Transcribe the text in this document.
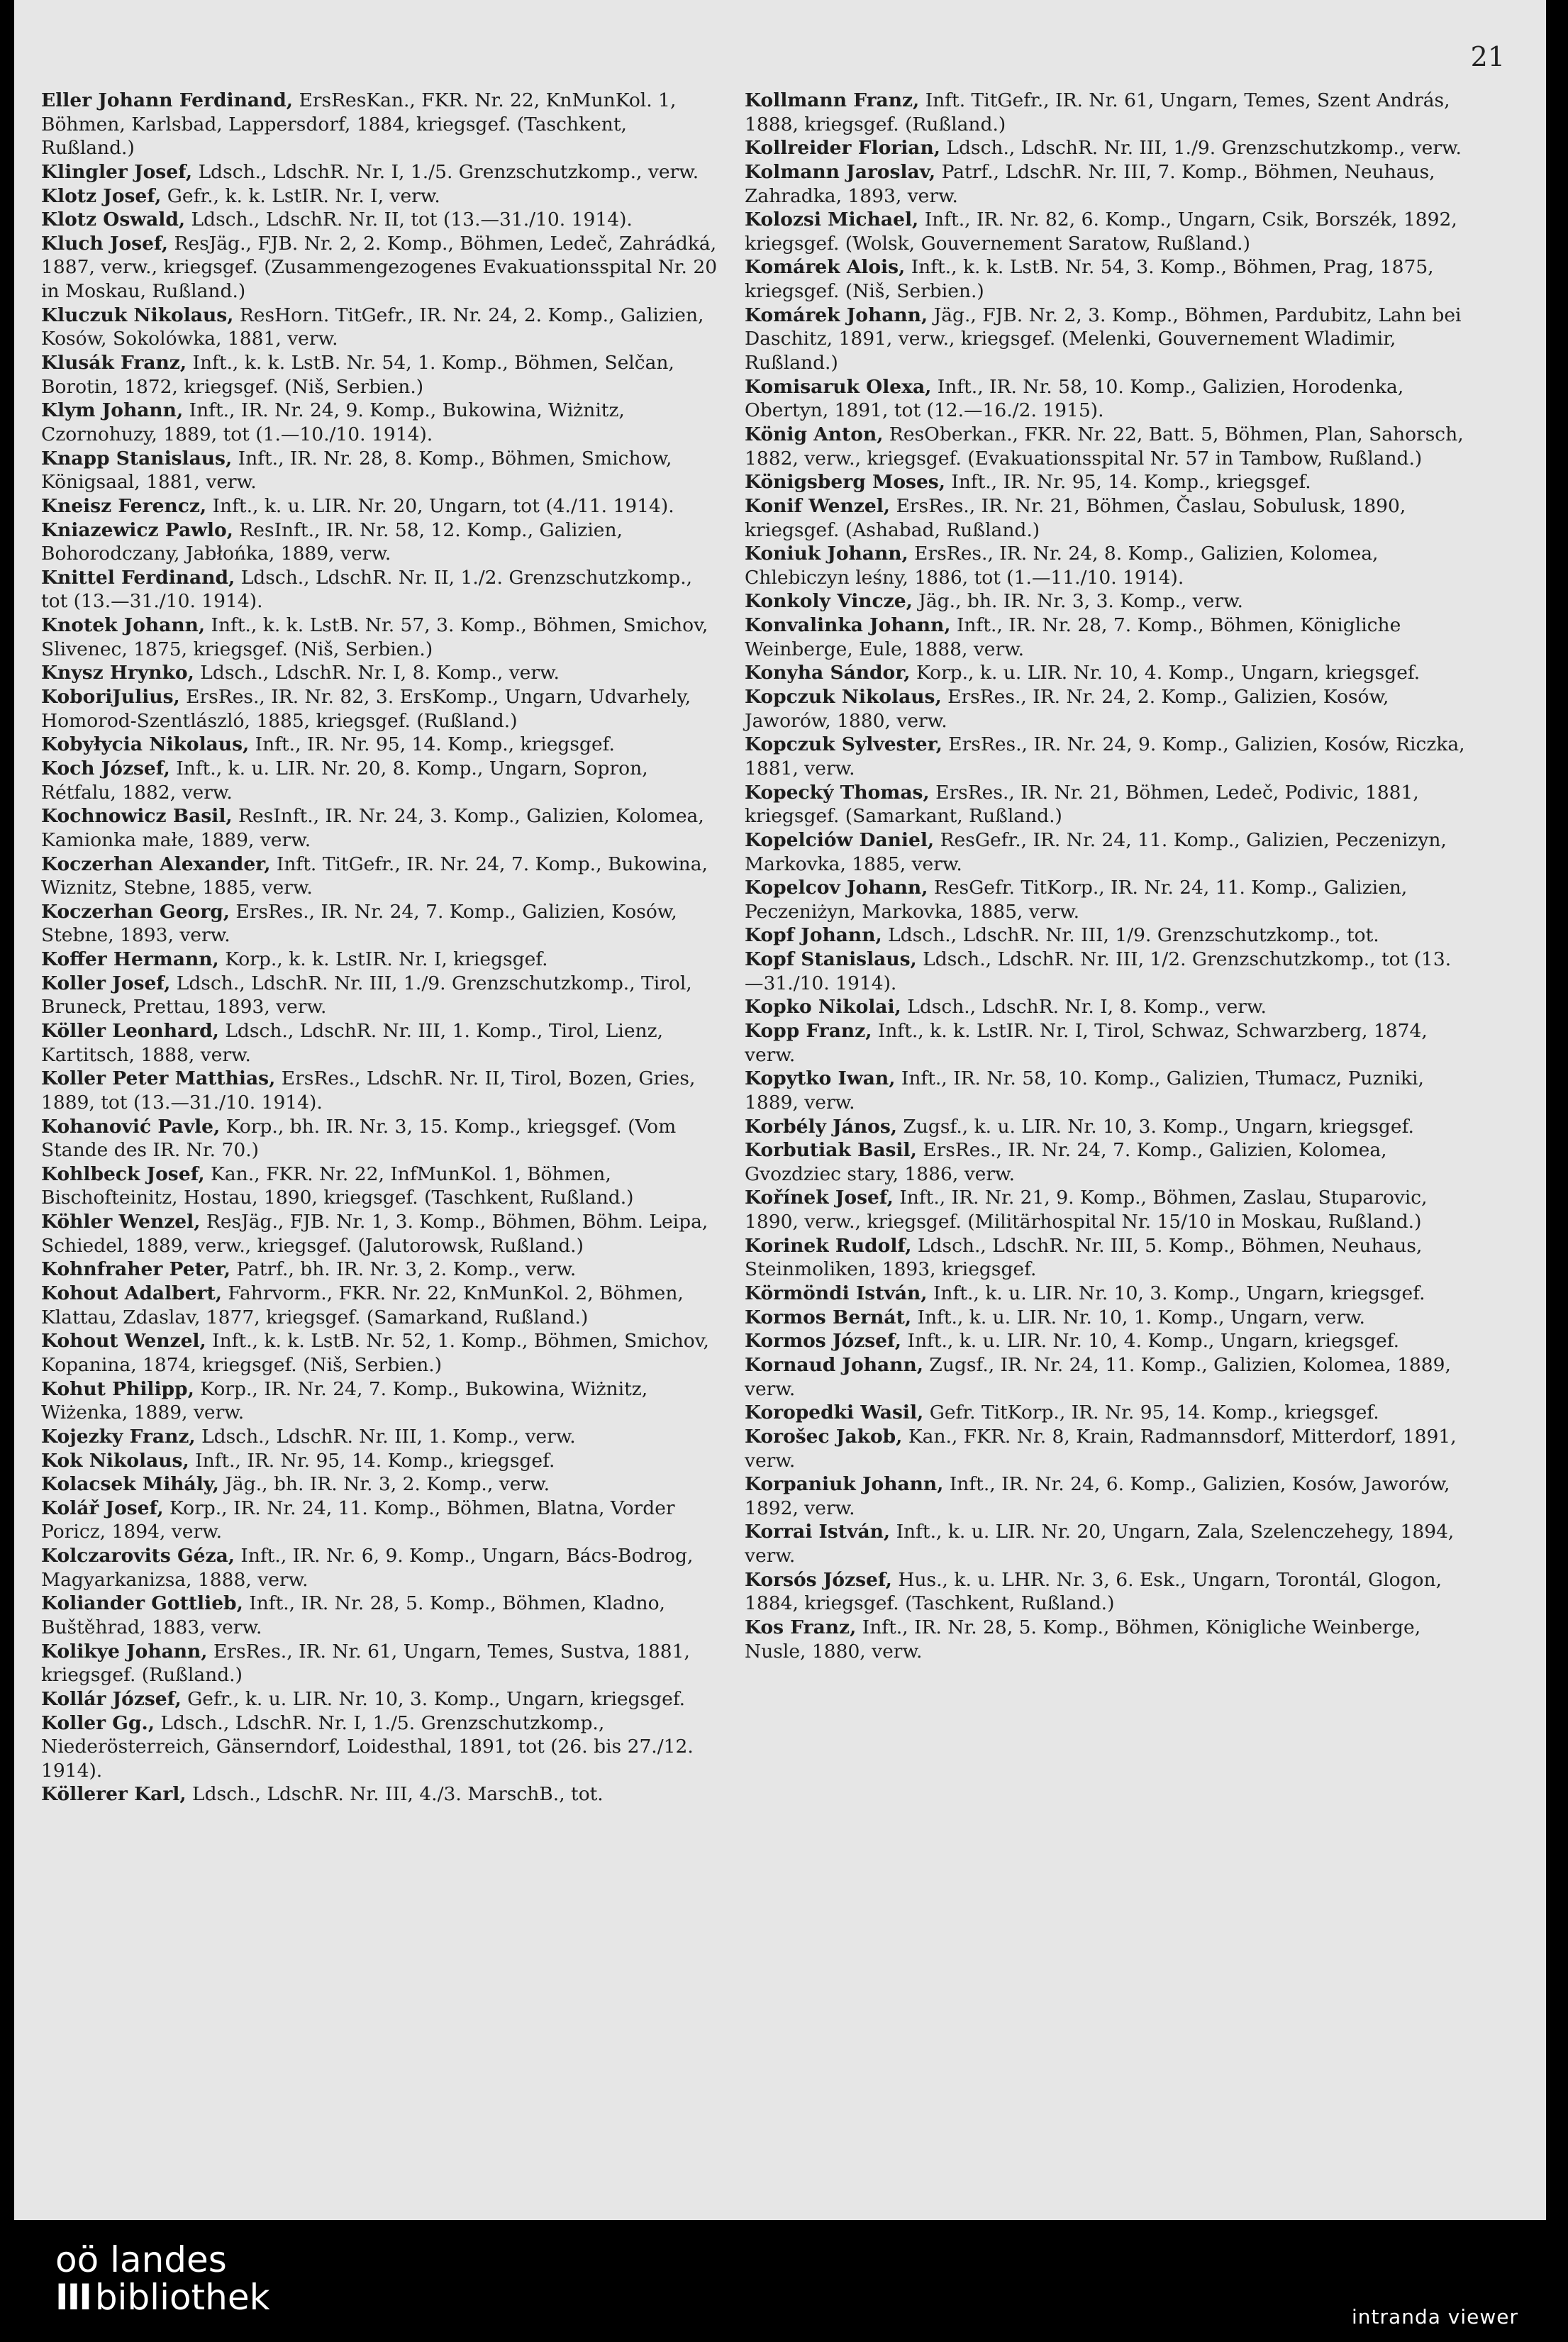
21

Eller Johann Ferdinand, ErsResKan., FKR. Nr. 22, KnMunKol. 1, Böhmen, Karlsbad, Lappersdorf, 1884, kriegsgef. (Taschkent, Rußland.)

Klingler Josef, Ldsch., LdschR. Nr. I, 1./5. Grenzschutzkomp., verw.

Klotz Josef, Gefr., k. k. LstIR. Nr. I, verw.

Klotz Oswald, Ldsch., LdschR. Nr. II, tot (13.—31./10. 1914).

Kluch Josef, ResJäg., FJB. Nr. 2, 2. Komp., Böhmen, Ledeč, Zahrádká, 1887, verw., kriegsgef. (Zusammengezogenes Evakuationsspital Nr. 20 in Moskau, Rußland.)

Kluczuk Nikolaus, ResHorn. TitGefr., IR. Nr. 24, 2. Komp., Galizien, Kosów, Sokolówka, 1881, verw.

Klusák Franz, Inft., k. k. LstB. Nr. 54, 1. Komp., Böhmen, Selčan, Borotin, 1872, kriegsgef. (Niš, Serbien.)

Klym Johann, Inft., IR. Nr. 24, 9. Komp., Bukowina, Wiżnitz, Czornohuzy, 1889, tot (1.—10./10. 1914).

Knapp Stanislaus, Inft., IR. Nr. 28, 8. Komp., Böhmen, Smichow, Königsaal, 1881, verw.

Kneisz Ferencz, Inft., k. u. LIR. Nr. 20, Ungarn, tot (4./11. 1914).

Kniazewicz Pawlo, ResInft., IR. Nr. 58, 12. Komp., Galizien, Bohorodczany, Jabłońka, 1889, verw.

Knittel Ferdinand, Ldsch., LdschR. Nr. II, 1./2. Grenzschutzkomp., tot (13.—31./10. 1914).

Knotek Johann, Inft., k. k. LstB. Nr. 57, 3. Komp., Böhmen, Smichov, Slivenec, 1875, kriegsgef. (Niš, Serbien.)

Knysz Hrynko, Ldsch., LdschR. Nr. I, 8. Komp., verw.

KoboriJulius, ErsRes., IR. Nr. 82, 3. ErsKomp., Ungarn, Udvarhely, Homorod-Szentlászló, 1885, kriegsgef. (Rußland.)

Kobyłycia Nikolaus, Inft., IR. Nr. 95, 14. Komp., kriegsgef.

Koch József, Inft., k. u. LIR. Nr. 20, 8. Komp., Ungarn, Sopron, Rétfalu, 1882, verw.

Kochnowicz Basil, ResInft., IR. Nr. 24, 3. Komp., Galizien, Kolomea, Kamionka małe, 1889, verw.

Koczerhan Alexander, Inft. TitGefr., IR. Nr. 24, 7. Komp., Bukowina, Wiznitz, Stebne, 1885, verw.

Koczerhan Georg, ErsRes., IR. Nr. 24, 7. Komp., Galizien, Kosów, Stebne, 1893, verw.

Koffer Hermann, Korp., k. k. LstIR. Nr. I, kriegsgef.

Koller Josef, Ldsch., LdschR. Nr. III, 1./9. Grenzschutzkomp., Tirol, Bruneck, Prettau, 1893, verw.

Köller Leonhard, Ldsch., LdschR. Nr. III, 1. Komp., Tirol, Lienz, Kartitsch, 1888, verw.

Koller Peter Matthias, ErsRes., LdschR. Nr. II, Tirol, Bozen, Gries, 1889, tot (13.—31./10. 1914).

Kohanović Pavle, Korp., bh. IR. Nr. 3, 15. Komp., kriegsgef. (Vom Stande des IR. Nr. 70.)

Kohlbeck Josef, Kan., FKR. Nr. 22, InfMunKol. 1, Böhmen, Bischofteinitz, Hostau, 1890, kriegsgef. (Taschkent, Rußland.)

Köhler Wenzel, ResJäg., FJB. Nr. 1, 3. Komp., Böhmen, Böhm. Leipa, Schiedel, 1889, verw., kriegsgef. (Jalutorowsk, Rußland.)

Kohnfraher Peter, Patrf., bh. IR. Nr. 3, 2. Komp., verw.

Kohout Adalbert, Fahrvorm., FKR. Nr. 22, KnMunKol. 2, Böhmen, Klattau, Zdaslav, 1877, kriegsgef. (Samarkand, Rußland.)

Kohout Wenzel, Inft., k. k. LstB. Nr. 52, 1. Komp., Böhmen, Smichov, Kopanina, 1874, kriegsgef. (Niš, Serbien.)

Kohut Philipp, Korp., IR. Nr. 24, 7. Komp., Bukowina, Wiżnitz, Wiżenka, 1889, verw.

Kojezky Franz, Ldsch., LdschR. Nr. III, 1. Komp., verw.

Kok Nikolaus, Inft., IR. Nr. 95, 14. Komp., kriegsgef.

Kolacsek Mihály, Jäg., bh. IR. Nr. 3, 2. Komp., verw.

Kolář Josef, Korp., IR. Nr. 24, 11. Komp., Böhmen, Blatna, Vorder Poricz, 1894, verw.

Kolczarovits Géza, Inft., IR. Nr. 6, 9. Komp., Ungarn, Bács-Bodrog, Magyarkanizsa, 1888, verw.

Koliander Gottlieb, Inft., IR. Nr. 28, 5. Komp., Böhmen, Kladno, Buštěhrad, 1883, verw.

Kolikye Johann, ErsRes., IR. Nr. 61, Ungarn, Temes, Sustva, 1881, kriegsgef. (Rußland.)

Kollár József, Gefr., k. u. LIR. Nr. 10, 3. Komp., Ungarn, kriegsgef.

Koller Gg., Ldsch., LdschR. Nr. I, 1./5. Grenzschutzkomp., Niederösterreich, Gänserndorf, Loidesthal, 1891, tot (26. bis 27./12. 1914).

Köllerer Karl, Ldsch., LdschR. Nr. III, 4./3. MarschB., tot.

Kollmann Franz, Inft. TitGefr., IR. Nr. 61, Ungarn, Temes, Szent András, 1888, kriegsgef. (Rußland.)

Kollreider Florian, Ldsch., LdschR. Nr. III, 1./9. Grenzschutzkomp., verw.

Kolmann Jaroslav, Patrf., LdschR. Nr. III, 7. Komp., Böhmen, Neuhaus, Zahradka, 1893, verw.

Kolozsi Michael, Inft., IR. Nr. 82, 6. Komp., Ungarn, Csik, Borszék, 1892, kriegsgef. (Wolsk, Gouvernement Saratow, Rußland.)

Komárek Alois, Inft., k. k. LstB. Nr. 54, 3. Komp., Böhmen, Prag, 1875, kriegsgef. (Niš, Serbien.)

Komárek Johann, Jäg., FJB. Nr. 2, 3. Komp., Böhmen, Pardubitz, Lahn bei Daschitz, 1891, verw., kriegsgef. (Melenki, Gouvernement Wladimir, Rußland.)

Komisaruk Olexa, Inft., IR. Nr. 58, 10. Komp., Galizien, Horodenka, Obertyn, 1891, tot (12.—16./2. 1915).

König Anton, ResOberkan., FKR. Nr. 22, Batt. 5, Böhmen, Plan, Sahorsch, 1882, verw., kriegsgef. (Evakuationsspital Nr. 57 in Tambow, Rußland.)

Königsberg Moses, Inft., IR. Nr. 95, 14. Komp., kriegsgef.

Konif Wenzel, ErsRes., IR. Nr. 21, Böhmen, Časlau, Sobulusk, 1890, kriegsgef. (Ashabad, Rußland.)

Koniuk Johann, ErsRes., IR. Nr. 24, 8. Komp., Galizien, Kolomea, Chlebiczyn leśny, 1886, tot (1.—11./10. 1914).

Konkoly Vincze, Jäg., bh. IR. Nr. 3, 3. Komp., verw.

Konvalinka Johann, Inft., IR. Nr. 28, 7. Komp., Böhmen, Königliche Weinberge, Eule, 1888, verw.

Konyha Sándor, Korp., k. u. LIR. Nr. 10, 4. Komp., Ungarn, kriegsgef.

Kopczuk Nikolaus, ErsRes., IR. Nr. 24, 2. Komp., Galizien, Kosów, Jaworów, 1880, verw.

Kopczuk Sylvester, ErsRes., IR. Nr. 24, 9. Komp., Galizien, Kosów, Riczka, 1881, verw.

Kopecký Thomas, ErsRes., IR. Nr. 21, Böhmen, Ledeč, Podivic, 1881, kriegsgef. (Samarkant, Rußland.)

Kopelciów Daniel, ResGefr., IR. Nr. 24, 11. Komp., Galizien, Peczenizyn, Markovka, 1885, verw.

Kopelcov Johann, ResGefr. TitKorp., IR. Nr. 24, 11. Komp., Galizien, Peczeniżyn, Markovka, 1885, verw.

Kopf Johann, Ldsch., LdschR. Nr. III, 1/9. Grenzschutzkomp., tot.

Kopf Stanislaus, Ldsch., LdschR. Nr. III, 1/2. Grenzschutzkomp., tot (13.—31./10. 1914).

Kopko Nikolai, Ldsch., LdschR. Nr. I, 8. Komp., verw.

Kopp Franz, Inft., k. k. LstIR. Nr. I, Tirol, Schwaz, Schwarzberg, 1874, verw.

Kopytko Iwan, Inft., IR. Nr. 58, 10. Komp., Galizien, Tłumacz, Puzniki, 1889, verw.

Korbély János, Zugsf., k. u. LIR. Nr. 10, 3. Komp., Ungarn, kriegsgef.

Korbutiak Basil, ErsRes., IR. Nr. 24, 7. Komp., Galizien, Kolomea, Gvozdziec stary, 1886, verw.

Kořínek Josef, Inft., IR. Nr. 21, 9. Komp., Böhmen, Zaslau, Stuparovic, 1890, verw., kriegsgef. (Militärhospital Nr. 15/10 in Moskau, Rußland.)

Korinek Rudolf, Ldsch., LdschR. Nr. III, 5. Komp., Böhmen, Neuhaus, Steinmoliken, 1893, kriegsgef.

Körmöndi István, Inft., k. u. LIR. Nr. 10, 3. Komp., Ungarn, kriegsgef.

Kormos Bernát, Inft., k. u. LIR. Nr. 10, 1. Komp., Ungarn, verw.

Kormos József, Inft., k. u. LIR. Nr. 10, 4. Komp., Ungarn, kriegsgef.

Kornaud Johann, Zugsf., IR. Nr. 24, 11. Komp., Galizien, Kolomea, 1889, verw.

Koropedki Wasil, Gefr. TitKorp., IR. Nr. 95, 14. Komp., kriegsgef.

Korošec Jakob, Kan., FKR. Nr. 8, Krain, Radmannsdorf, Mitterdorf, 1891, verw.

Korpaniuk Johann, Inft., IR. Nr. 24, 6. Komp., Galizien, Kosów, Jaworów, 1892, verw.

Korrai István, Inft., k. u. LIR. Nr. 20, Ungarn, Zala, Szelenczehegy, 1894, verw.

Korsós József, Hus., k. u. LHR. Nr. 3, 6. Esk., Ungarn, Torontál, Glogon, 1884, kriegsgef. (Taschkent, Rußland.)

Kos Franz, Inft., IR. Nr. 28, 5. Komp., Böhmen, Königliche Weinberge, Nusle, 1880, verw.

oö landes
III bibliothek	intranda viewer
